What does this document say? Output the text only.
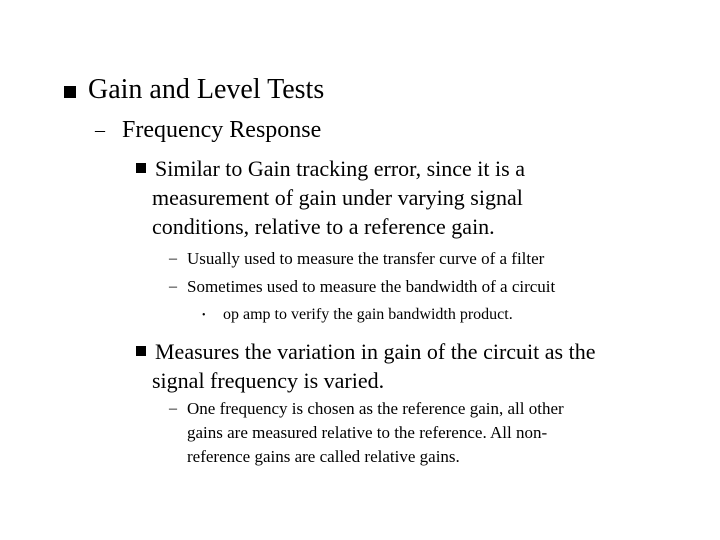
Gain and Level Tests
– Frequency Response
Similar to Gain tracking error, since it is a
measurement of gain under varying signal
conditions, relative to a reference gain.
– Usually used to measure the transfer curve of a filter
– Sometimes used to measure the bandwidth of a circuit
• op amp to verify the gain bandwidth product.
Measures the variation in gain of the circuit as the
signal frequency is varied.
– One frequency is chosen as the reference gain, all other
gains are measured relative to the reference. All non-
reference gains are called relative gains.
